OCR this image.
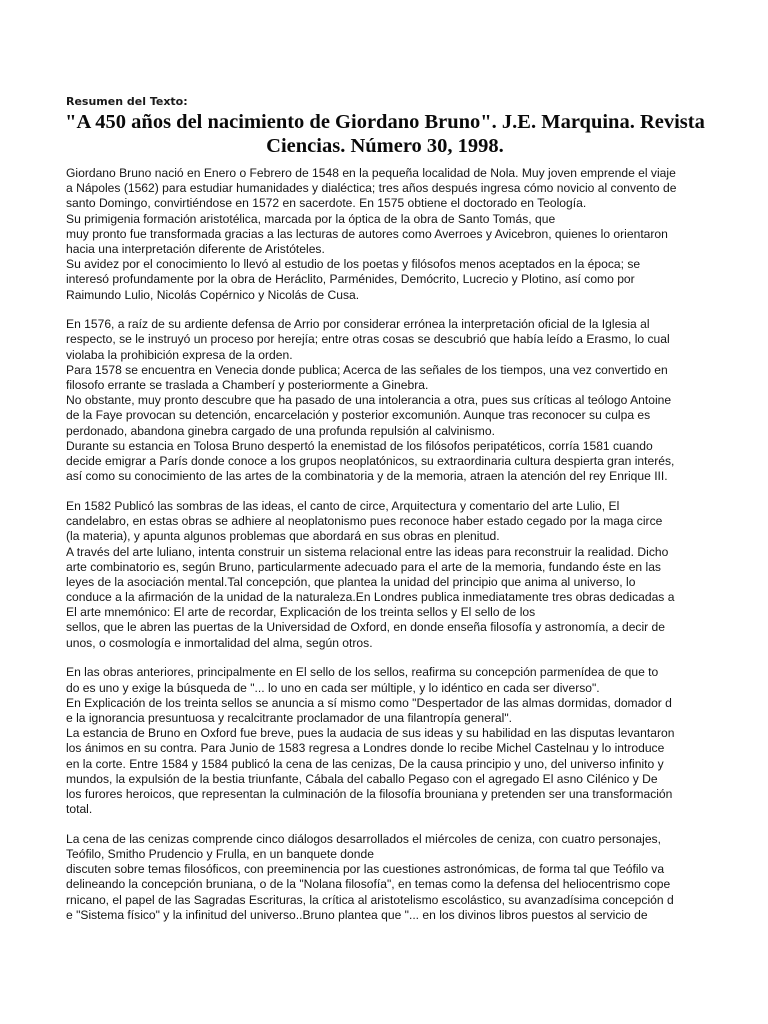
Resumen del Texto:

"A 450 años del nacimiento de Giordano Bruno". J.E. Marquina. Revista
Ciencias. Número 30, 1998.
Giordano Bruno nació en Enero o Febrero de 1548 en la pequeña localidad de Nola. Muy joven emprende el viaje
a Nápoles (1562) para estudiar humanidades y dialéctica; tres años después ingresa cómo novicio al convento de
santo Domingo, convirtiéndose en 1572 en sacerdote. En 1575 obtiene el doctorado en Teología.
Su primigenia formación aristotélica, marcada por la óptica de la obra de Santo Tomás, que
muy pronto fue transformada gracias a las lecturas de autores como Averroes y Avicebron, quienes lo orientaron
hacia una interpretación diferente de Aristóteles.
Su avidez por el conocimiento lo llevó al estudio de los poetas y filósofos menos aceptados en la época; se
interesó profundamente por la obra de Heráclito, Parménides, Demócrito, Lucrecio y Plotino, así como por
Raimundo Lulio, Nicolás Copérnico y Nicolás de Cusa.
En 1576, a raíz de su ardiente defensa de Arrio por considerar errónea la interpretación oficial de la Iglesia al
respecto, se le instruyó un proceso por herejía; entre otras cosas se descubrió que había leído a Erasmo, lo cual
violaba la prohibición expresa de la orden.
Para 1578 se encuentra en Venecia donde publica; Acerca de las señales de los tiempos, una vez convertido en
filosofo errante se traslada a Chamberí y posteriormente a Ginebra.
No obstante, muy pronto descubre que ha pasado de una intolerancia a otra, pues sus críticas al teólogo Antoine
de la Faye provocan su detención, encarcelación y posterior excomunión. Aunque tras reconocer su culpa es
perdonado, abandona ginebra cargado de una profunda repulsión al calvinismo.
Durante su estancia en Tolosa Bruno despertó la enemistad de los filósofos peripatéticos, corría 1581 cuando
decide emigrar a París donde conoce a los grupos neoplatónicos, su extraordinaria cultura despierta gran interés,
así como su conocimiento de las artes de la combinatoria y de la memoria, atraen la atención del rey Enrique III.
En 1582 Publicó las sombras de las ideas, el canto de circe, Arquitectura y comentario del arte Lulio, El
candelabro, en estas obras se adhiere al neoplatonismo pues reconoce haber estado cegado por la maga circe
(la materia), y apunta algunos problemas que abordará en sus obras en plenitud.
A través del arte luliano, intenta construir un sistema relacional entre las ideas para reconstruir la realidad. Dicho
arte combinatorio es, según Bruno, particularmente adecuado para el arte de la memoria, fundando éste en las
leyes de la asociación mental.Tal concepción, que plantea la unidad del principio que anima al universo, lo
conduce a la afirmación de la unidad de la naturaleza.En Londres publica inmediatamente tres obras dedicadas a
El arte mnemónico: El arte de recordar, Explicación de los treinta sellos y El sello de los
sellos, que le abren las puertas de la Universidad de Oxford, en donde enseña filosofía y astronomía, a decir de
unos, o cosmología e inmortalidad del alma, según otros.
En las obras anteriores, principalmente en El sello de los sellos, reafirma su concepción parmenídea de que to
do es uno y exige la búsqueda de "... lo uno en cada ser múltiple, y lo idéntico en cada ser diverso".
En Explicación de los treinta sellos se anuncia a sí mismo como "Despertador de las almas dormidas, domador d
e la ignorancia presuntuosa y recalcitrante proclamador de una filantropía general".
La estancia de Bruno en Oxford fue breve, pues la audacia de sus ideas y su habilidad en las disputas levantaron
los ánimos en su contra. Para Junio de 1583 regresa a Londres donde lo recibe Michel Castelnau y lo introduce
en la corte. Entre 1584 y 1584 publicó la cena de las cenizas, De la causa principio y uno, del universo infinito y
mundos, la expulsión de la bestia triunfante, Cábala del caballo Pegaso con el agregado El asno Cilénico y De
los furores heroicos, que representan la culminación de la filosofía brouniana y pretenden ser una transformación
total.
La cena de las cenizas comprende cinco diálogos desarrollados el miércoles de ceniza, con cuatro personajes,
Teófilo, Smitho Prudencio y Frulla, en un banquete donde
discuten sobre temas filosóficos, con preeminencia por las cuestiones astronómicas, de forma tal que Teófilo va
delineando la concepción bruniana, o de la "Nolana filosofía", en temas como la defensa del heliocentrismo cope
rnicano, el papel de las Sagradas Escrituras, la crítica al aristotelismo escolástico, su avanzadísima concepción d
e "Sistema físico" y la infinitud del universo..Bruno plantea que "... en los divinos libros puestos al servicio de
